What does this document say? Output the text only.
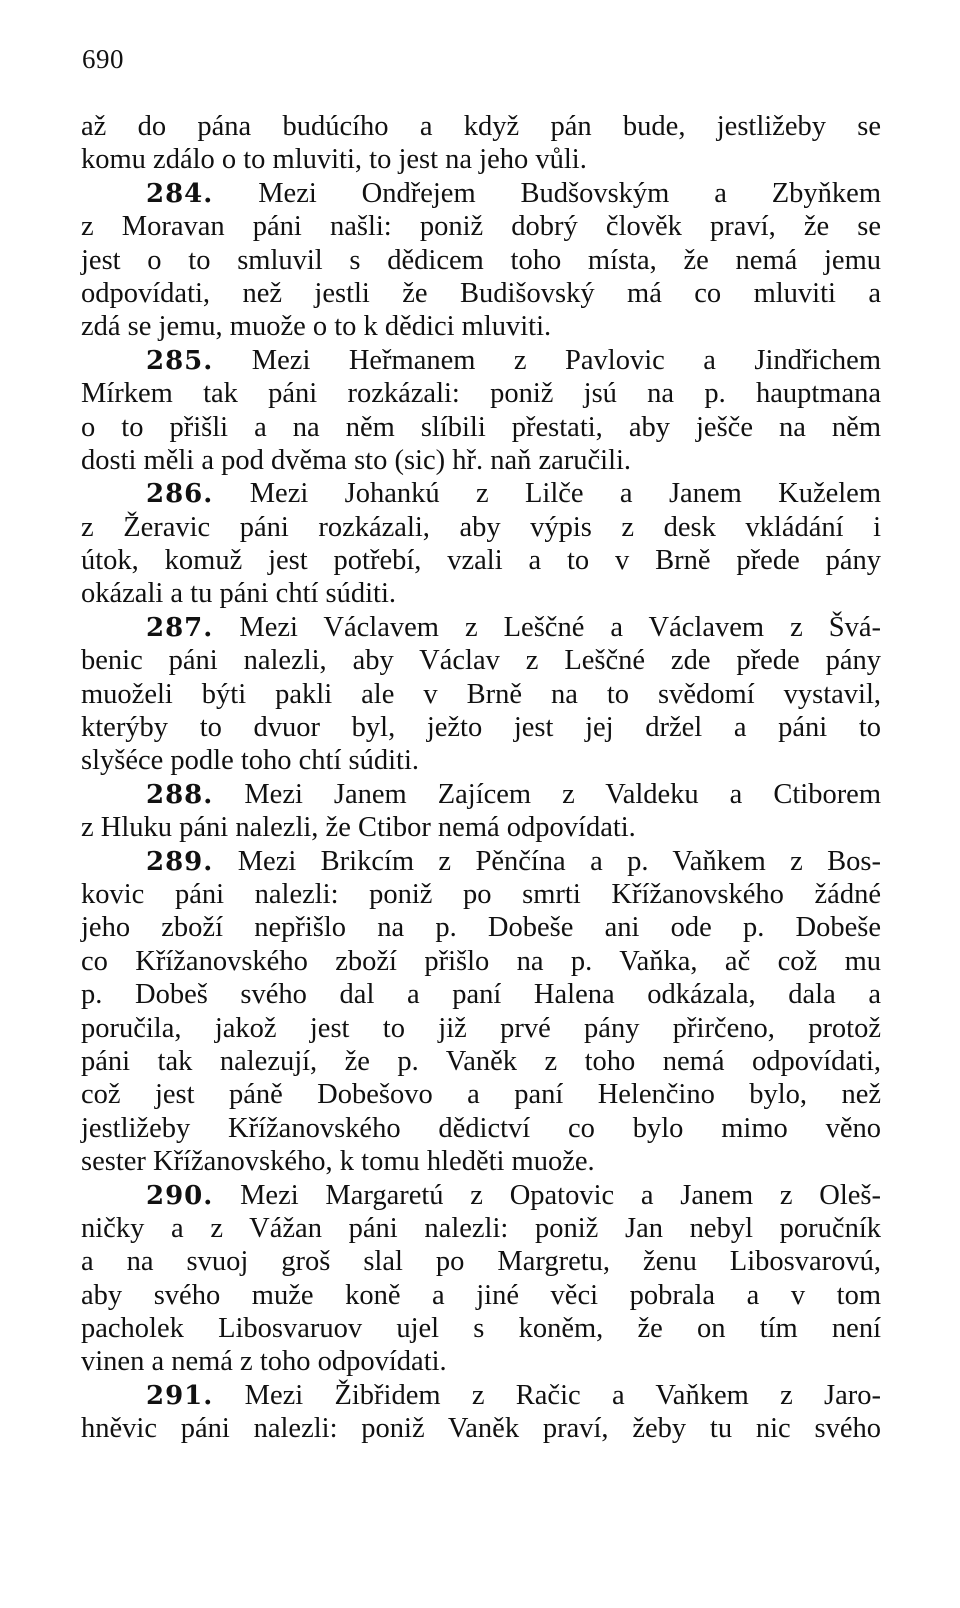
690
až do pána budúcího a když pán bude, jestližeby se
komu zdálo o to mluviti, to jest na jeho vůli.
284. Mezi Ondřejem Budšovským a Zbyňkem
z Moravan páni našli: poniž dobrý člověk praví, že se
jest o to smluvil s dědicem toho místa, že nemá jemu
odpovídati, než jestli že Budišovský má co mluviti a
zdá se jemu, muože o to k dědici mluviti.
285. Mezi Heřmanem z Pavlovic a Jindřichem
Mírkem tak páni rozkázali: poniž jsú na p. hauptmana
o to přišli a na něm slíbili přestati, aby ješče na něm
dosti měli a pod dvěma sto (sic) hř. naň zaručili.
286. Mezi Johankú z Lilče a Janem Kuželem
z Žeravic páni rozkázali, aby výpis z desk vkládání i
útok, komuž jest potřebí, vzali a to v Brně přede pány
okázali a tu páni chtí súditi.
287. Mezi Václavem z Leščné a Václavem z Švá-
benic páni nalezli, aby Václav z Leščné zde přede pány
muoželi býti pakli ale v Brně na to svědomí vystavil,
kterýby to dvuor byl, ježto jest jej držel a páni to
slyšéce podle toho chtí súditi.
288. Mezi Janem Zajícem z Valdeku a Ctiborem
z Hluku páni nalezli, že Ctibor nemá odpovídati.
289. Mezi Brikcím z Pěnčína a p. Vaňkem z Bos-
kovic páni nalezli: poniž po smrti Křížanovského žádné
jeho zboží nepřišlo na p. Dobeše ani ode p. Dobeše
co Křížanovského zboží přišlo na p. Vaňka, ač což mu
p. Dobeš svého dal a paní Halena odkázala, dala a
poručila, jakož jest to již prvé pány přirčeno, protož
páni tak nalezují, že p. Vaněk z toho nemá odpovídati,
což jest páně Dobešovo a paní Helenčino bylo, než
jestližeby Křížanovského dědictví co bylo mimo věno
sester Křížanovského, k tomu hleděti muože.
290. Mezi Margaretú z Opatovic a Janem z Oleš-
ničky a z Vážan páni nalezli: poniž Jan nebyl poručník
a na svuoj groš slal po Margretu, ženu Libosvarovú,
aby svého muže koně a jiné věci pobrala a v tom
pacholek Libosvaruov ujel s koněm, že on tím není
vinen a nemá z toho odpovídati.
291. Mezi Žibřidem z Račic a Vaňkem z Jaro-
hněvic páni nalezli: poniž Vaněk praví, žeby tu nic svého
